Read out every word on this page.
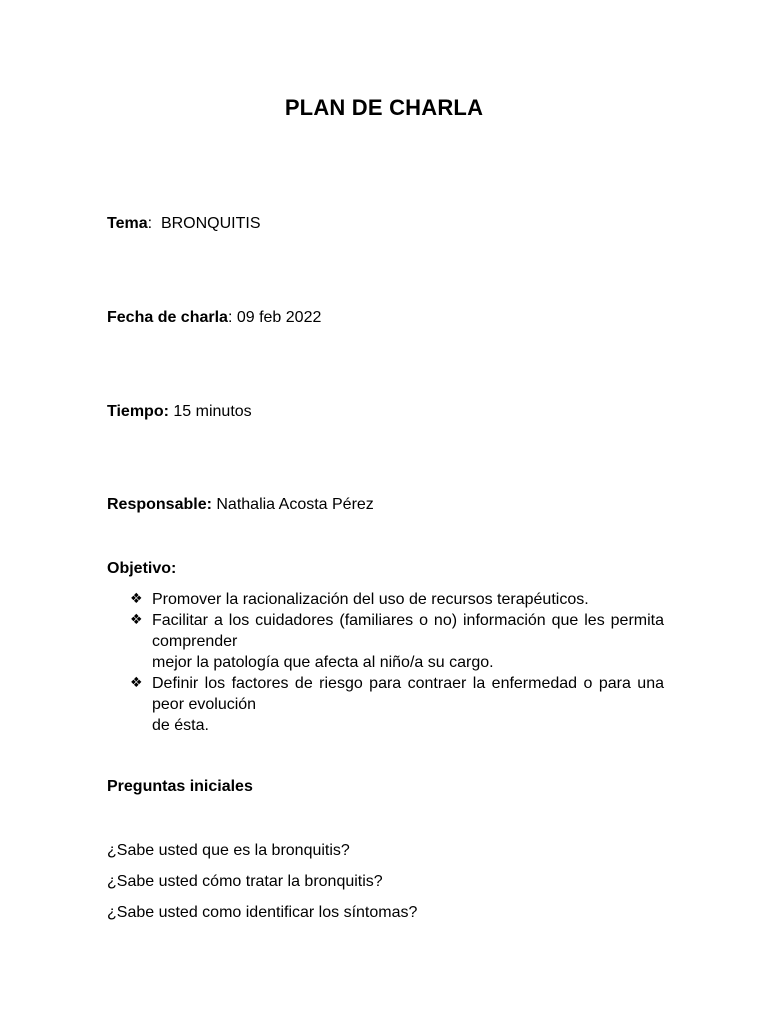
PLAN DE CHARLA
Tema:  BRONQUITIS
Fecha de charla: 09 feb 2022
Tiempo: 15 minutos
Responsable: Nathalia Acosta Pérez
Objetivo:
❖ Promover la racionalización del uso de recursos terapéuticos.
❖ Facilitar a los cuidadores (familiares o no) información que les permita
comprender
mejor la patología que afecta al niño/a su cargo.
❖ Definir los factores de riesgo para contraer la enfermedad o para una
peor evolución
de ésta.
Preguntas iniciales
¿Sabe usted que es la bronquitis?
¿Sabe usted cómo tratar la bronquitis?
¿Sabe usted como identificar los síntomas?
